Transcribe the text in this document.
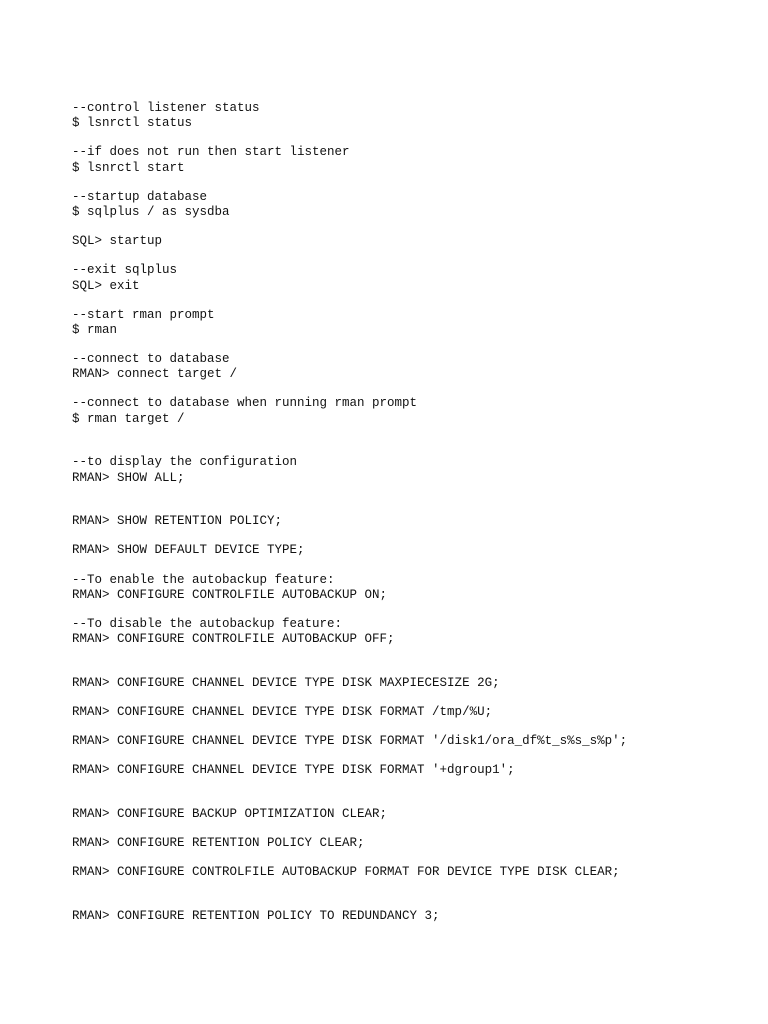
--control listener status
$ lsnrctl status
--if does not run then start listener
$ lsnrctl start
--startup database
$ sqlplus / as sysdba
SQL> startup
--exit sqlplus
SQL> exit
--start rman prompt
$ rman
--connect to database
RMAN> connect target /
--connect to database when running rman prompt
$ rman target /
--to display the configuration
RMAN> SHOW ALL;
RMAN> SHOW RETENTION POLICY;
RMAN> SHOW DEFAULT DEVICE TYPE;
--To enable the autobackup feature:
RMAN> CONFIGURE CONTROLFILE AUTOBACKUP ON;
--To disable the autobackup feature:
RMAN> CONFIGURE CONTROLFILE AUTOBACKUP OFF;
RMAN> CONFIGURE CHANNEL DEVICE TYPE DISK MAXPIECESIZE 2G;
RMAN> CONFIGURE CHANNEL DEVICE TYPE DISK FORMAT /tmp/%U;
RMAN> CONFIGURE CHANNEL DEVICE TYPE DISK FORMAT '/disk1/ora_df%t_s%s_s%p';
RMAN> CONFIGURE CHANNEL DEVICE TYPE DISK FORMAT '+dgroup1';
RMAN> CONFIGURE BACKUP OPTIMIZATION CLEAR;
RMAN> CONFIGURE RETENTION POLICY CLEAR;
RMAN> CONFIGURE CONTROLFILE AUTOBACKUP FORMAT FOR DEVICE TYPE DISK CLEAR;
RMAN> CONFIGURE RETENTION POLICY TO REDUNDANCY 3;
